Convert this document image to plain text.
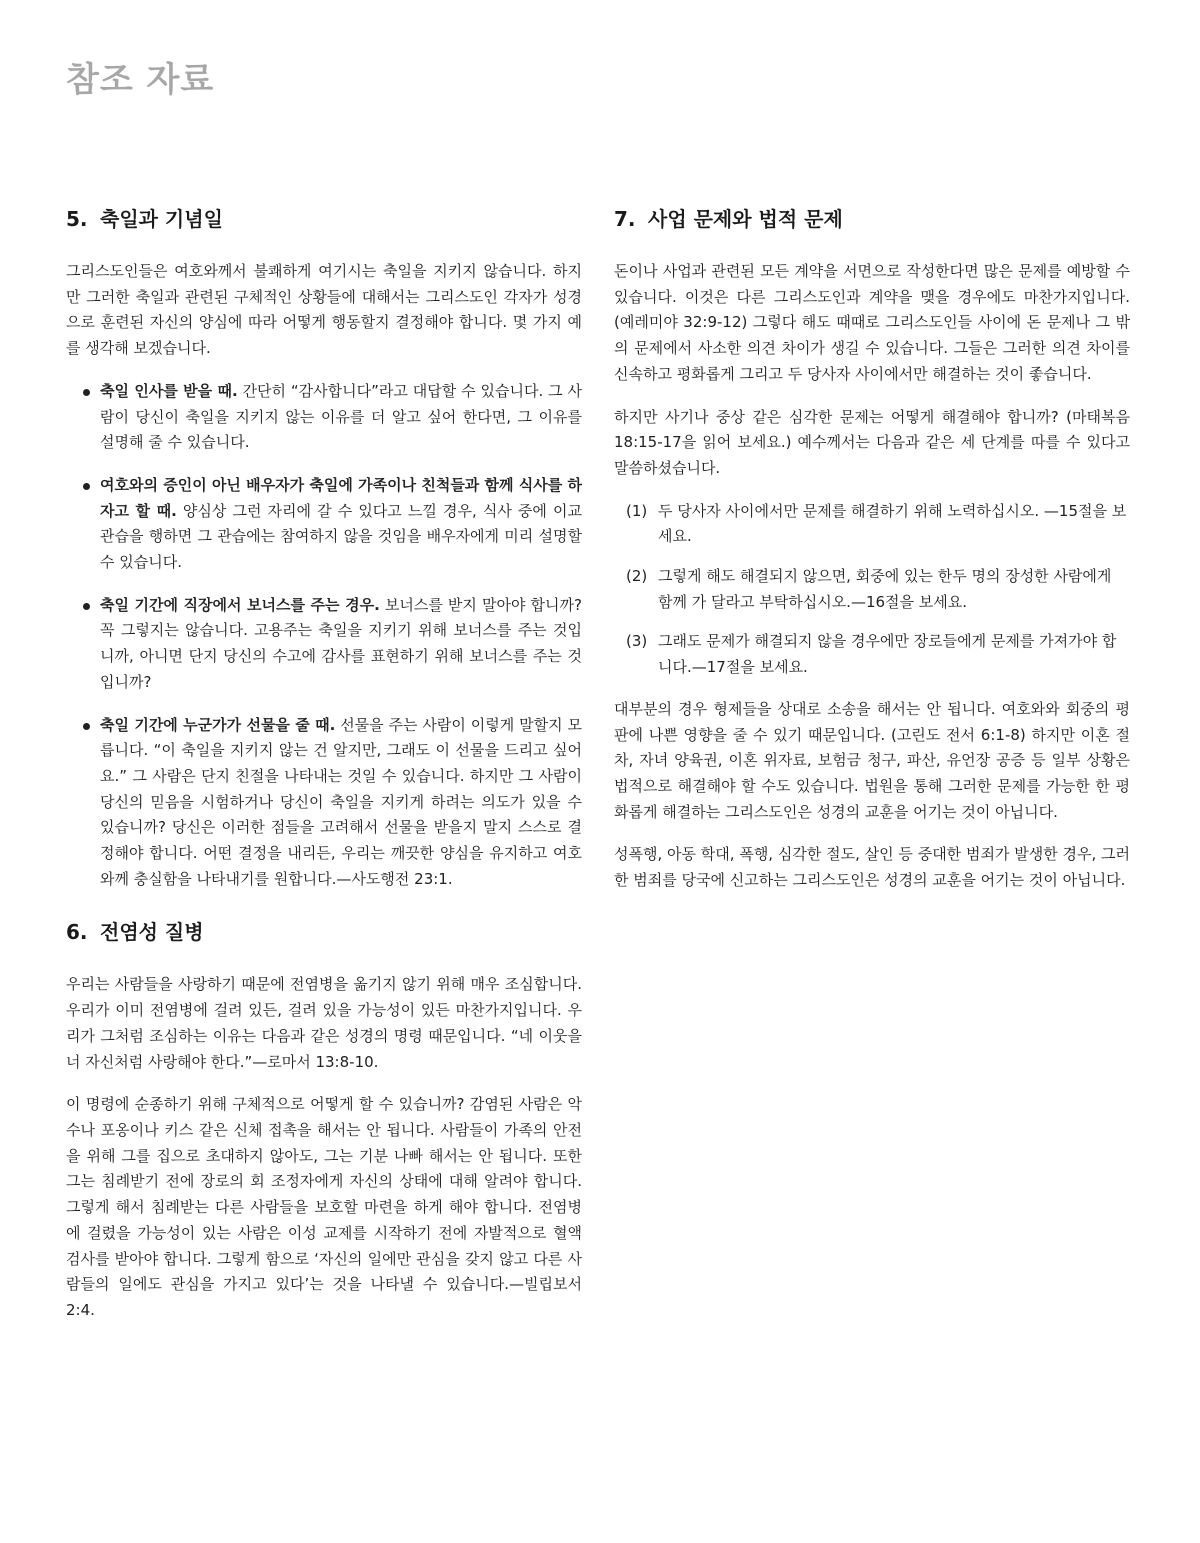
참조 자료
5. 축일과 기념일

그리스도인들은 여호와께서 불쾌하게 여기시는 축일을 지키지 않습니다. 하지만 그러한 축일과 관련된 구체적인 상황들에 대해서는 그리스도인 각자가 성경으로 훈련된 자신의 양심에 따라 어떻게 행동할지 결정해야 합니다. 몇 가지 예를 생각해 보겠습니다.

축일 인사를 받을 때. 간단히 “감사합니다”라고 대답할 수 있습니다. 그 사람이 당신이 축일을 지키지 않는 이유를 더 알고 싶어 한다면, 그 이유를 설명해 줄 수 있습니다.
여호와의 증인이 아닌 배우자가 축일에 가족이나 친척들과 함께 식사를 하자고 할 때. 양심상 그런 자리에 갈 수 있다고 느낄 경우, 식사 중에 이교 관습을 행하면 그 관습에는 참여하지 않을 것임을 배우자에게 미리 설명할 수 있습니다.
축일 기간에 직장에서 보너스를 주는 경우. 보너스를 받지 말아야 합니까? 꼭 그렇지는 않습니다. 고용주는 축일을 지키기 위해 보너스를 주는 것입니까, 아니면 단지 당신의 수고에 감사를 표현하기 위해 보너스를 주는 것입니까?
축일 기간에 누군가가 선물을 줄 때. 선물을 주는 사람이 이렇게 말할지 모릅니다. “이 축일을 지키지 않는 건 알지만, 그래도 이 선물을 드리고 싶어요.” 그 사람은 단지 친절을 나타내는 것일 수 있습니다. 하지만 그 사람이 당신의 믿음을 시험하거나 당신이 축일을 지키게 하려는 의도가 있을 수 있습니까? 당신은 이러한 점들을 고려해서 선물을 받을지 말지 스스로 결정해야 합니다. 어떤 결정을 내리든, 우리는 깨끗한 양심을 유지하고 여호와께 충실함을 나타내기를 원합니다.—사도행전 23:1.
6. 전염성 질병

우리는 사람들을 사랑하기 때문에 전염병을 옮기지 않기 위해 매우 조심합니다. 우리가 이미 전염병에 걸려 있든, 걸려 있을 가능성이 있든 마찬가지입니다. 우리가 그처럼 조심하는 이유는 다음과 같은 성경의 명령 때문입니다. “네 이웃을 너 자신처럼 사랑해야 한다.”—로마서 13:8-10.

이 명령에 순종하기 위해 구체적으로 어떻게 할 수 있습니까? 감염된 사람은 악수나 포옹이나 키스 같은 신체 접촉을 해서는 안 됩니다. 사람들이 가족의 안전을 위해 그를 집으로 초대하지 않아도, 그는 기분 나빠 해서는 안 됩니다. 또한 그는 침례받기 전에 장로의 회 조정자에게 자신의 상태에 대해 알려야 합니다. 그렇게 해서 침례받는 다른 사람들을 보호할 마련을 하게 해야 합니다. 전염병에 걸렸을 가능성이 있는 사람은 이성 교제를 시작하기 전에 자발적으로 혈액 검사를 받아야 합니다. 그렇게 함으로 ‘자신의 일에만 관심을 갖지 않고 다른 사람들의 일에도 관심을 가지고 있다’는 것을 나타낼 수 있습니다.—빌립보서 2:4.

7. 사업 문제와 법적 문제

돈이나 사업과 관련된 모든 계약을 서면으로 작성한다면 많은 문제를 예방할 수 있습니다. 이것은 다른 그리스도인과 계약을 맺을 경우에도 마찬가지입니다. (예레미야 32:9-12) 그렇다 해도 때때로 그리스도인들 사이에 돈 문제나 그 밖의 문제에서 사소한 의견 차이가 생길 수 있습니다. 그들은 그러한 의견 차이를 신속하고 평화롭게 그리고 두 당사자 사이에서만 해결하는 것이 좋습니다.

하지만 사기나 중상 같은 심각한 문제는 어떻게 해결해야 합니까? (마태복음 18:15-17을 읽어 보세요.) 예수께서는 다음과 같은 세 단계를 따를 수 있다고 말씀하셨습니다.

(1) 두 당사자 사이에서만 문제를 해결하기 위해 노력하십시오. —15절을 보세요.
(2) 그렇게 해도 해결되지 않으면, 회중에 있는 한두 명의 장성한 사람에게 함께 가 달라고 부탁하십시오.—16절을 보세요.
(3) 그래도 문제가 해결되지 않을 경우에만 장로들에게 문제를 가져가야 합니다.—17절을 보세요.

대부분의 경우 형제들을 상대로 소송을 해서는 안 됩니다. 여호와와 회중의 평판에 나쁜 영향을 줄 수 있기 때문입니다. (고린도 전서 6:1-8) 하지만 이혼 절차, 자녀 양육권, 이혼 위자료, 보험금 청구, 파산, 유언장 공증 등 일부 상황은 법적으로 해결해야 할 수도 있습니다. 법원을 통해 그러한 문제를 가능한 한 평화롭게 해결하는 그리스도인은 성경의 교훈을 어기는 것이 아닙니다.

성폭행, 아동 학대, 폭행, 심각한 절도, 살인 등 중대한 범죄가 발생한 경우, 그러한 범죄를 당국에 신고하는 그리스도인은 성경의 교훈을 어기는 것이 아닙니다.
